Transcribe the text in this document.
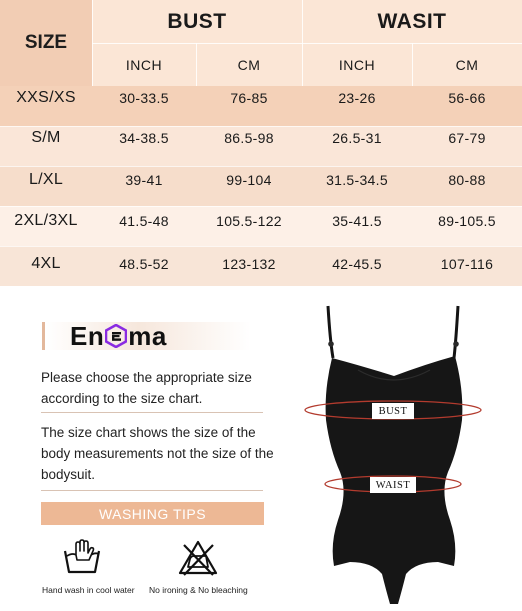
SIZE
BUST	WASIT
INCH	CM	INCH	CM
XXS/XS	30-33.5	76-85	23-26	56-66
S/M	34-38.5	86.5-98	26.5-31	67-79
L/XL	39-41	99-104	31.5-34.5	80-88
2XL/3XL	41.5-48	105.5-122	35-41.5	89-105.5
4XL	48.5-52	123-132	42-45.5	107-116
En ma
Please choose the appropriate size according to the size chart.
The size chart shows the size of the body measurements not the size of the bodysuit.
WASHING TIPS
Hand wash in cool water No ironing & No bleaching
BUST
WAIST
